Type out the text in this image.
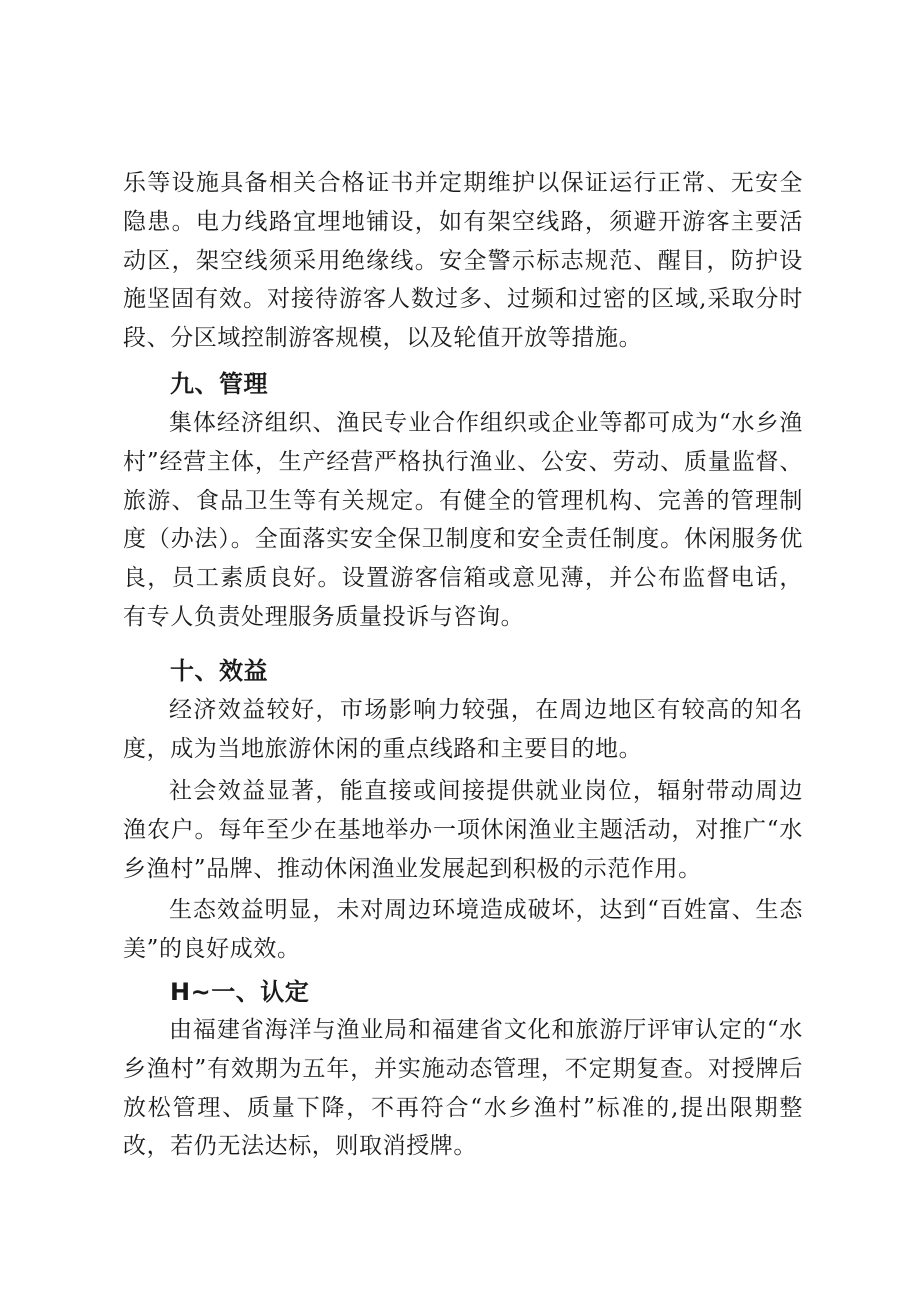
乐等设施具备相关合格证书并定期维护以保证运行正常、无安全隐患。电力线路宜埋地铺设，如有架空线路，须避开游客主要活动区，架空线须采用绝缘线。安全警示标志规范、醒目，防护设施坚固有效。对接待游客人数过多、过频和过密的区域,采取分时段、分区域控制游客规模，以及轮值开放等措施。

九、管理

集体经济组织、渔民专业合作组织或企业等都可成为“水乡渔村”经营主体，生产经营严格执行渔业、公安、劳动、质量监督、旅游、食品卫生等有关规定。有健全的管理机构、完善的管理制度（办法）。全面落实安全保卫制度和安全责任制度。休闲服务优良，员工素质良好。设置游客信箱或意见薄，并公布监督电话，有专人负责处理服务质量投诉与咨询。

十、效益

经济效益较好，市场影响力较强，在周边地区有较高的知名度，成为当地旅游休闲的重点线路和主要目的地。

社会效益显著，能直接或间接提供就业岗位，辐射带动周边渔农户。每年至少在基地举办一项休闲渔业主题活动，对推广“水乡渔村”品牌、推动休闲渔业发展起到积极的示范作用。

生态效益明显，未对周边环境造成破坏，达到“百姓富、生态美”的良好成效。

H~一、认定

由福建省海洋与渔业局和福建省文化和旅游厅评审认定的“水乡渔村”有效期为五年，并实施动态管理，不定期复查。对授牌后放松管理、质量下降，不再符合“水乡渔村”标准的,提出限期整改，若仍无法达标，则取消授牌。
